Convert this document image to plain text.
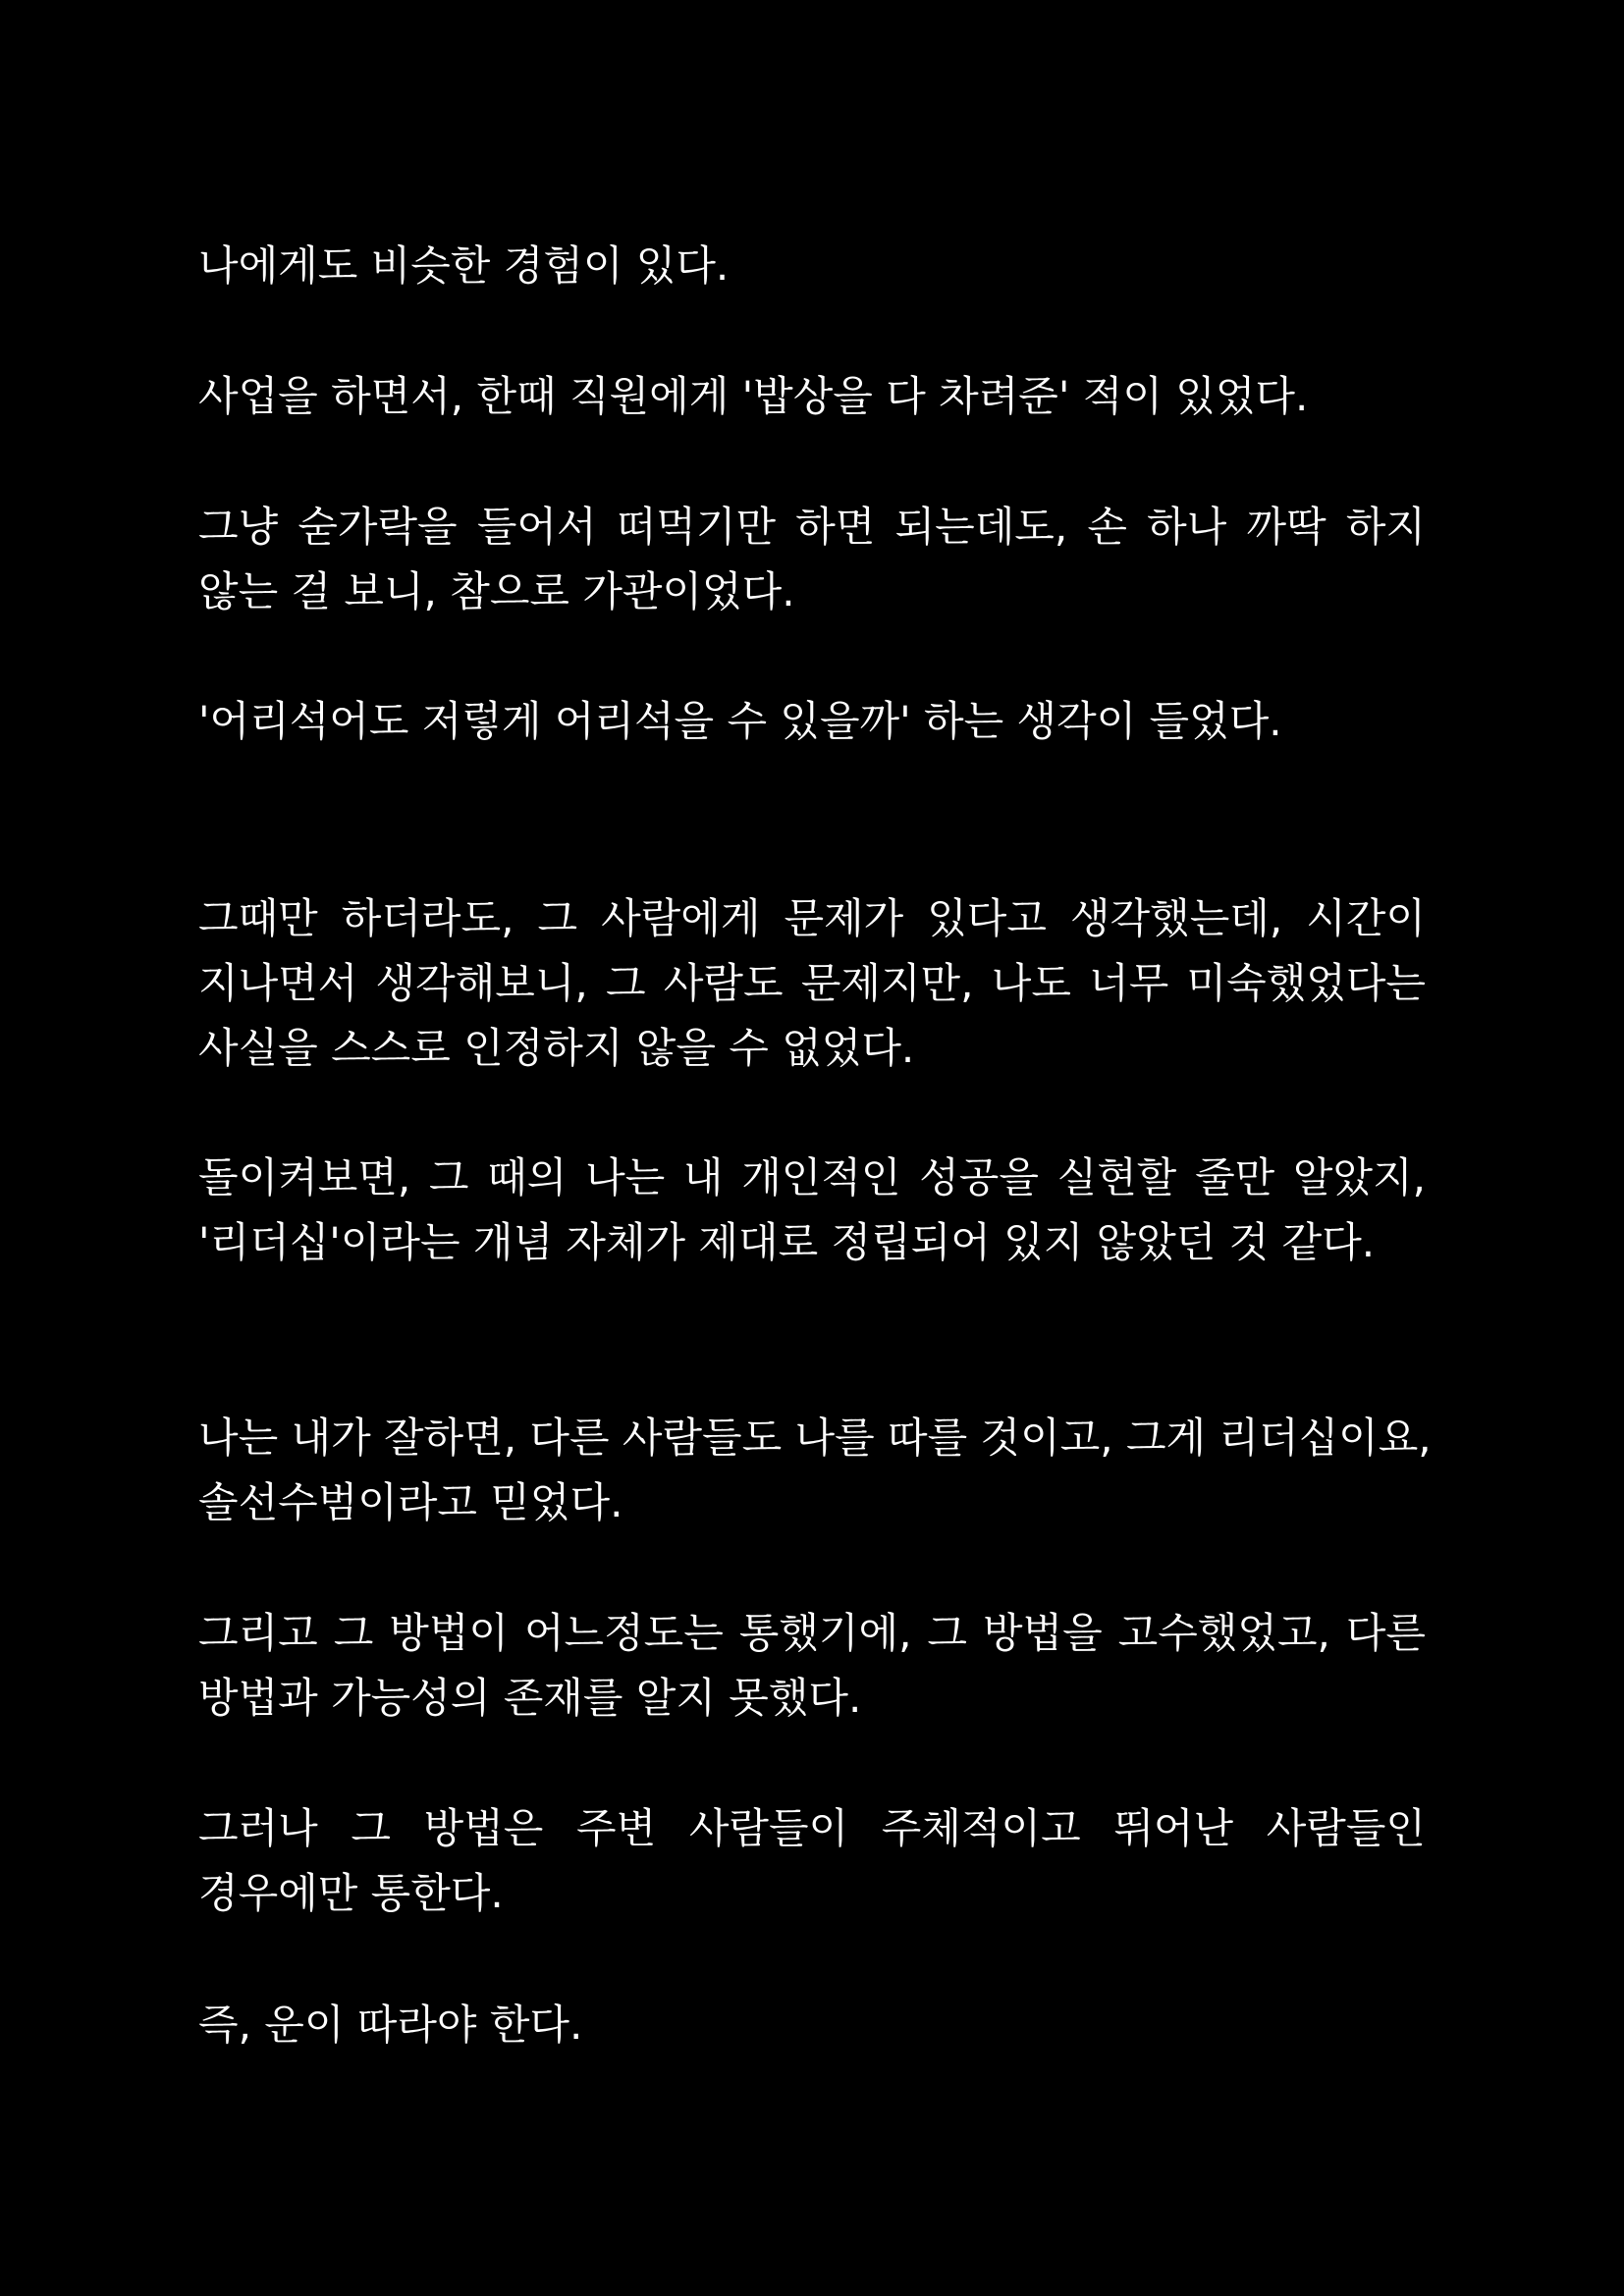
나에게도 비슷한 경험이 있다.

사업을 하면서, 한때 직원에게 '밥상을 다 차려준' 적이 있었다.

그냥 숟가락을 들어서 떠먹기만 하면 되는데도, 손 하나 까딱 하지
않는 걸 보니, 참으로 가관이었다.

'어리석어도 저렇게 어리석을 수 있을까' 하는 생각이 들었다.

그때만 하더라도, 그 사람에게 문제가 있다고 생각했는데, 시간이
지나면서 생각해보니, 그 사람도 문제지만, 나도 너무 미숙했었다는
사실을 스스로 인정하지 않을 수 없었다.

돌이켜보면, 그 때의 나는 내 개인적인 성공을 실현할 줄만 알았지,
'리더십'이라는 개념 자체가 제대로 정립되어 있지 않았던 것 같다.

나는 내가 잘하면, 다른 사람들도 나를 따를 것이고, 그게 리더십이요,
솔선수범이라고 믿었다.

그리고 그 방법이 어느정도는 통했기에, 그 방법을 고수했었고, 다른
방법과 가능성의 존재를 알지 못했다.

그러나 그 방법은 주변 사람들이 주체적이고 뛰어난 사람들인
경우에만 통한다.

즉, 운이 따라야 한다.
